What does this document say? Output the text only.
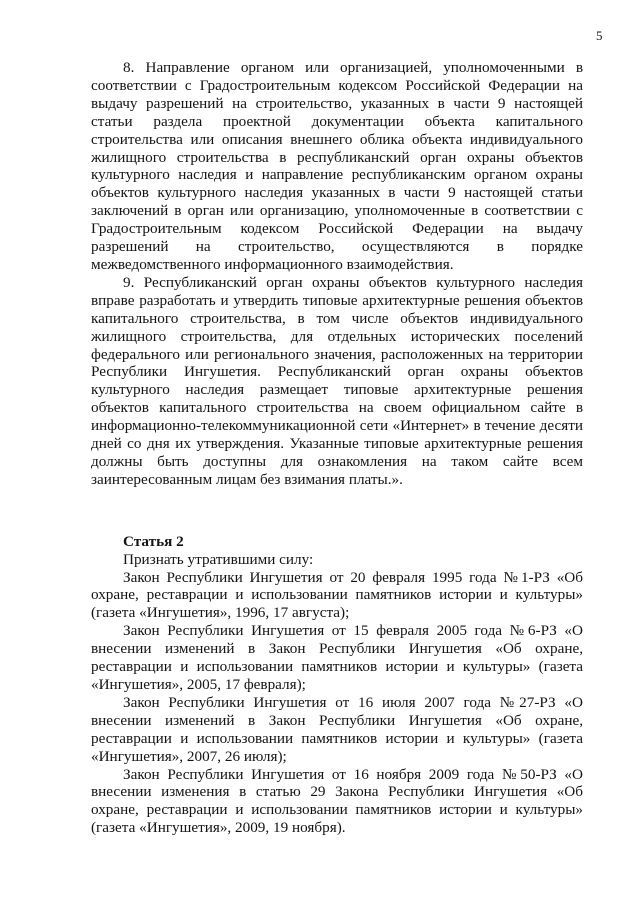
5

8. Направление органом или организацией, уполномоченными в соответствии с Градостроительным кодексом Российской Федерации на выдачу разрешений на строительство, указанных в части 9 настоящей статьи раздела проектной документации объекта капитального строительства или описания внешнего облика объекта индивидуального жилищного строительства в республиканский орган охраны объектов культурного наследия и направление республиканским органом охраны объектов культурного наследия указанных в части 9 настоящей статьи заключений в орган или организацию, уполномоченные в соответствии с Градостроительным кодексом Российской Федерации на выдачу разрешений на строительство, осуществляются в порядке межведомственного информационного взаимодействия.

9. Республиканский орган охраны объектов культурного наследия вправе разработать и утвердить типовые архитектурные решения объектов капитального строительства, в том числе объектов индивидуального жилищного строительства, для отдельных исторических поселений федерального или регионального значения, расположенных на территории Республики Ингушетия. Республиканский орган охраны объектов культурного наследия размещает типовые архитектурные решения объектов капитального строительства на своем официальном сайте в информационно-телекоммуникационной сети «Интернет» в течение десяти дней со дня их утверждения. Указанные типовые архитектурные решения должны быть доступны для ознакомления на таком сайте всем заинтересованным лицам без взимания платы.».

Статья 2
Признать утратившими силу:

Закон Республики Ингушетия от 20 февраля 1995 года №1-РЗ «Об охране, реставрации и использовании памятников истории и культуры» (газета «Ингушетия», 1996, 17 августа);

Закон Республики Ингушетия от 15 февраля 2005 года №6-РЗ «О внесении изменений в Закон Республики Ингушетия «Об охране, реставрации и использовании памятников истории и культуры» (газета «Ингушетия», 2005, 17 февраля);

Закон Республики Ингушетия от 16 июля 2007 года №27-РЗ «О внесении изменений в Закон Республики Ингушетия «Об охране, реставрации и использовании памятников истории и культуры» (газета «Ингушетия», 2007, 26 июля);

Закон Республики Ингушетия от 16 ноября 2009 года №50-РЗ «О внесении изменения в статью 29 Закона Республики Ингушетия «Об охране, реставрации и использовании памятников истории и культуры» (газета «Ингушетия», 2009, 19 ноября).
